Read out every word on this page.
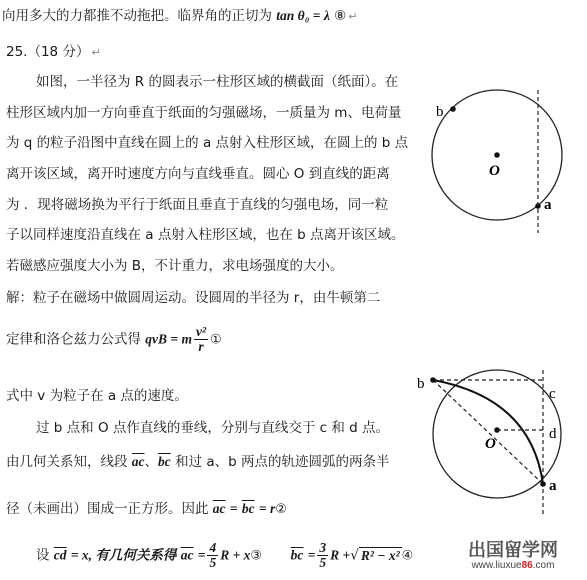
向用多大的力都推不动拖把。临界角的正切为 tan θ₀ = λ ⑧ ↵
25.（18 分） ↵
如图，一半径为 R 的圆表示一柱形区域的横截面（纸面）。在
柱形区域内加一方向垂直于纸面的匀强磁场，一质量为 m、电荷量
为 q 的粒子沿图中直线在圆上的 a 点射入柱形区域，在圆上的 b 点
离开该区域，离开时速度方向与直线垂直。圆心 O 到直线的距离
为 ．现将磁场换为平行于纸面且垂直于直线的匀强电场，同一粒
子以同样速度沿直线在 a 点射入柱形区域，也在 b 点离开该区域。
若磁感应强度大小为 B，不计重力，求电场强度的大小。
解：粒子在磁场中做圆周运动。设圆周的半径为 r，由牛顿第二
定律和洛仑兹力公式得 qvB = m $\frac{\text{v²}}{r}$ ①
式中 v 为粒子在 a 点的速度。
过 b 点和 O 点作直线的垂线，分别与直线交于 c 和 d 点。
由几何关系知，线段 $\overline{ac}$、$\overline{bc}$ 和过 a、b 两点的轨迹圆弧的两条半
径（未画出）围成一正方形。因此 $\overline{ac} = \overline{bc}$ = r②
设 $\overline{cd} = x$, 有几何关系得 $\overline{ac} = \frac{4}{5}$ R + x③ $\overline{bc} = \frac{3}{5}$ R +√ R² − x² ④
b
O
a
b
c
O
d
a
出国留学网
www.liuxue86.com
